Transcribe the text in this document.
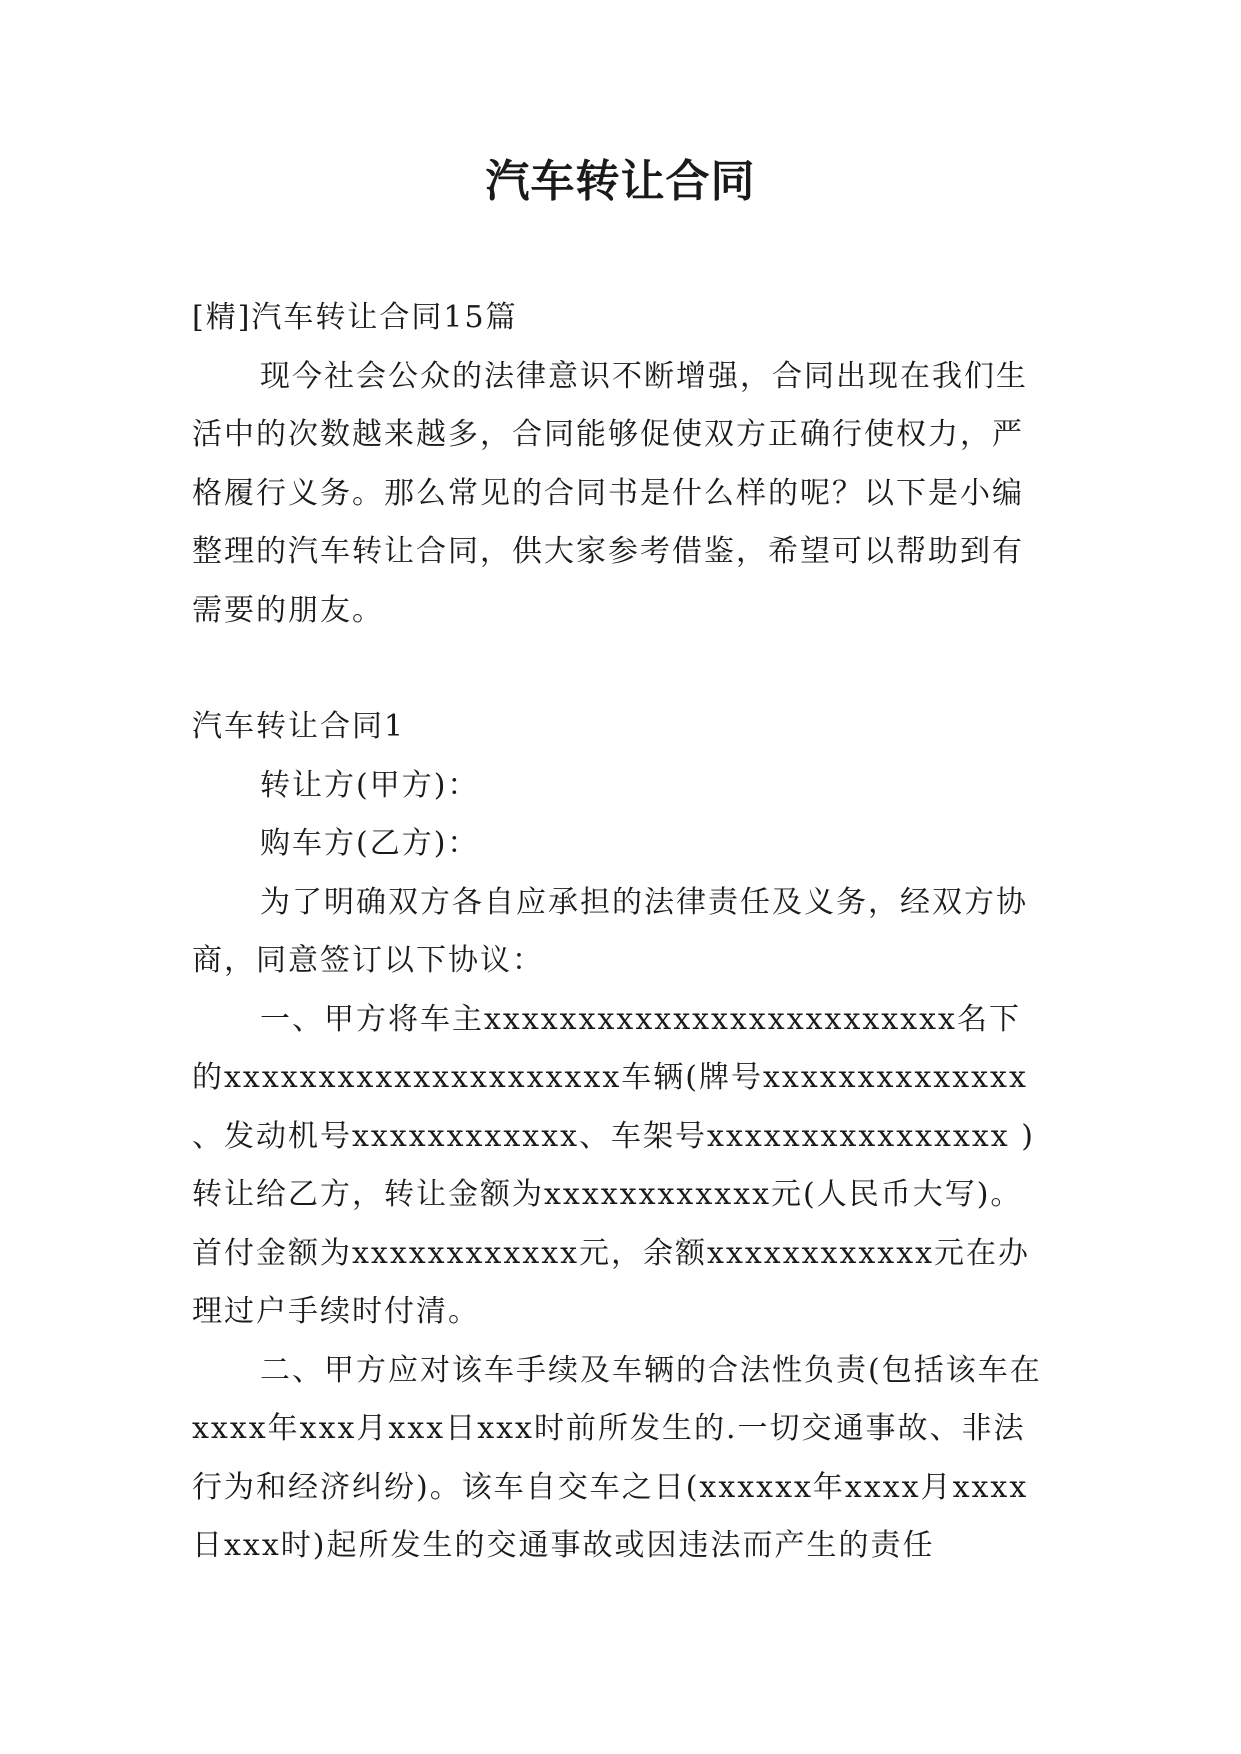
汽车转让合同

[精]汽车转让合同15篇

现今社会公众的法律意识不断增强，合同出现在我们生活中的次数越来越多，合同能够促使双方正确行使权力，严格履行义务。那么常见的合同书是什么样的呢？以下是小编整理的汽车转让合同，供大家参考借鉴，希望可以帮助到有需要的朋友。

汽车转让合同1

转让方(甲方)：

购车方(乙方)：

为了明确双方各自应承担的法律责任及义务，经双方协商，同意签订以下协议：

一、甲方将车主xxxxxxxxxxxxxxxxxxxxxxxxx名下的xxxxxxxxxxxxxxxxxxxxx车辆(牌号xxxxxxxxxxxxxx 、发动机号xxxxxxxxxxxx、车架号xxxxxxxxxxxxxxxx )转让给乙方，转让金额为xxxxxxxxxxxx元(人民币大写)。首付金额为xxxxxxxxxxxx元，余额xxxxxxxxxxxx元在办理过户手续时付清。

二、甲方应对该车手续及车辆的合法性负责(包括该车在xxxx年xxx月xxx日xxx时前所发生的.一切交通事故、非法行为和经济纠纷)。该车自交车之日(xxxxxx年xxxx月xxxx日xxx时)起所发生的交通事故或因违法而产生的责任
